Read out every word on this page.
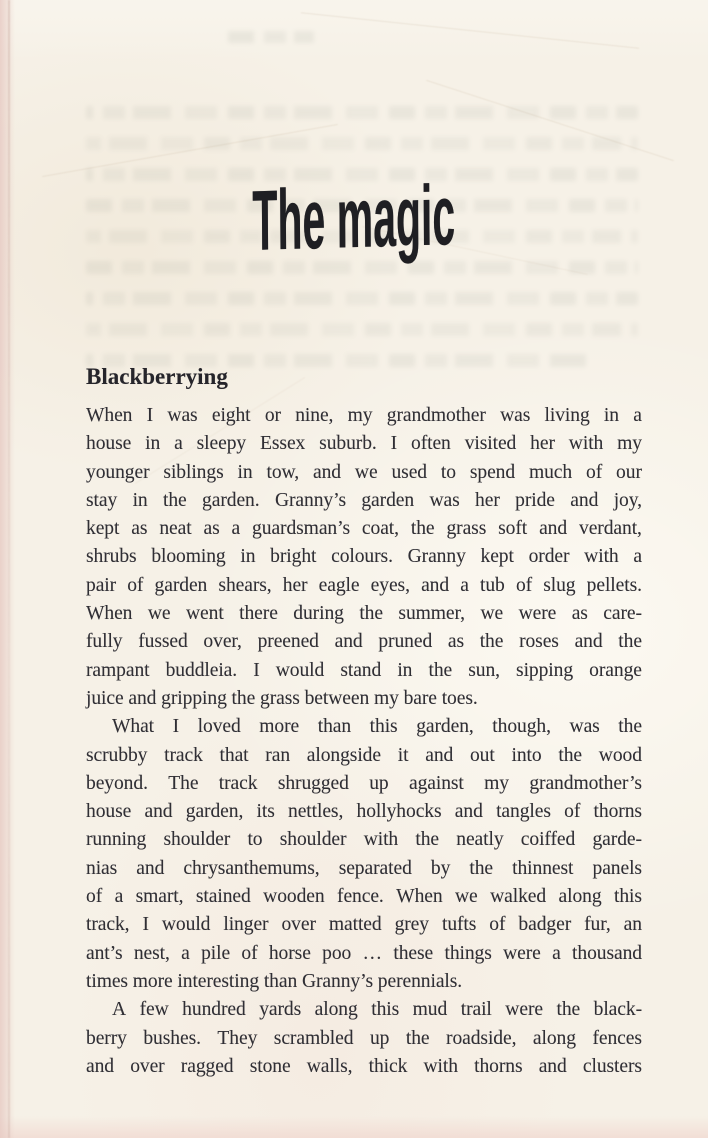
The magic
Blackberrying
When I was eight or nine, my grandmother was living in a
house in a sleepy Essex suburb. I often visited her with my
younger siblings in tow, and we used to spend much of our
stay in the garden. Granny’s garden was her pride and joy,
kept as neat as a guardsman’s coat, the grass soft and verdant,
shrubs blooming in bright colours. Granny kept order with a
pair of garden shears, her eagle eyes, and a tub of slug pellets.
When we went there during the summer, we were as care-
fully fussed over, preened and pruned as the roses and the
rampant buddleia. I would stand in the sun, sipping orange
juice and gripping the grass between my bare toes.
What I loved more than this garden, though, was the
scrubby track that ran alongside it and out into the wood
beyond. The track shrugged up against my grandmother’s
house and garden, its nettles, hollyhocks and tangles of thorns
running shoulder to shoulder with the neatly coiffed garde-
nias and chrysanthemums, separated by the thinnest panels
of a smart, stained wooden fence. When we walked along this
track, I would linger over matted grey tufts of badger fur, an
ant’s nest, a pile of horse poo … these things were a thousand
times more interesting than Granny’s perennials.
A few hundred yards along this mud trail were the black-
berry bushes. They scrambled up the roadside, along fences
and over ragged stone walls, thick with thorns and clusters
